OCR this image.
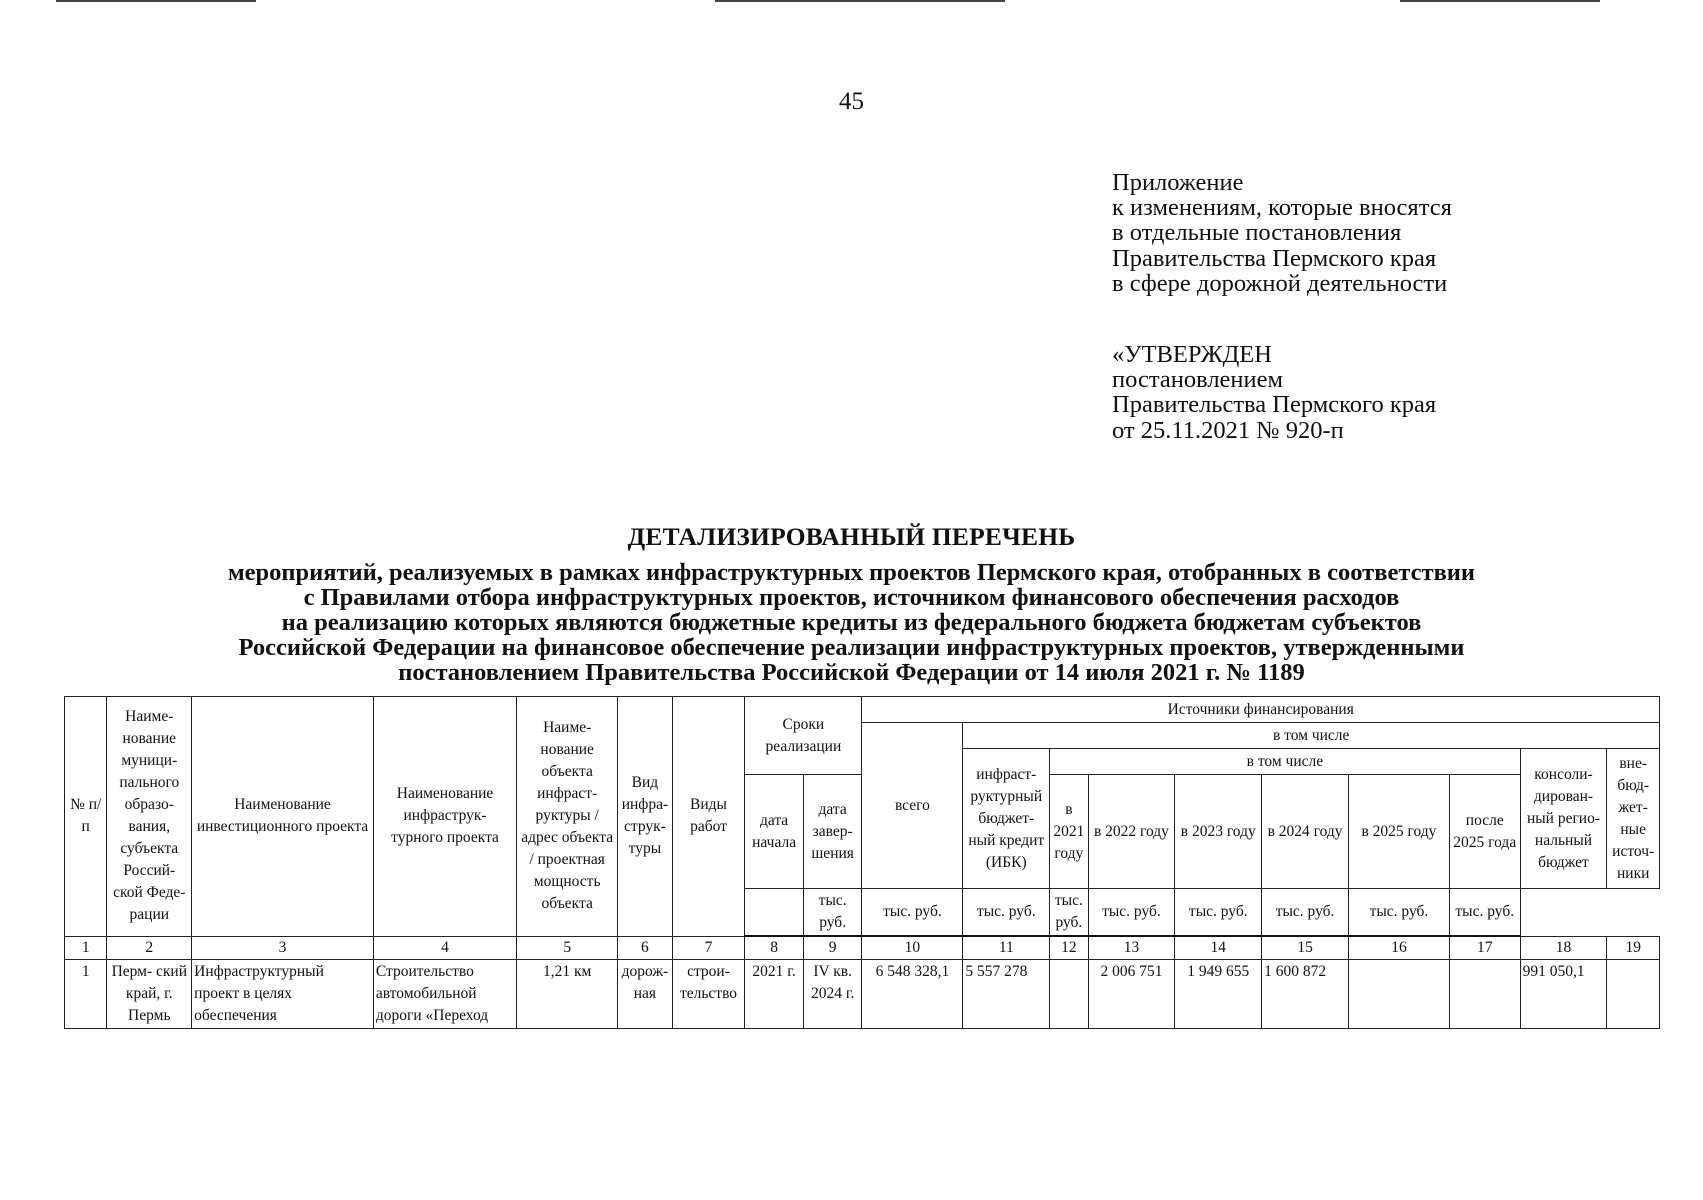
45
Приложение
к изменениям, которые вносятся
в отдельные постановления
Правительства Пермского края
в сфере дорожной деятельности
«УТВЕРЖДЕН
постановлением
Правительства Пермского края
от 25.11.2021 № 920-п
ДЕТАЛИЗИРОВАННЫЙ ПЕРЕЧЕНЬ
мероприятий, реализуемых в рамках инфраструктурных проектов Пермского края, отобранных в соответствии
с Правилами отбора инфраструктурных проектов, источником финансового обеспечения расходов
на реализацию которых являются бюджетные кредиты из федерального бюджета бюджетам субъектов
Российской Федерации на финансовое обеспечение реализации инфраструктурных проектов, утвержденными
постановлением Правительства Российской Федерации от 14 июля 2021 г. № 1189
№ п/п	Наиме- нование муници- пального образо- вания, субъекта Россий- ской Феде- рации	Наименование инвестиционного проекта	Наименование инфраструк- турного проекта	Наиме- нование объекта инфраст- руктуры / адрес объекта / проектная мощность объекта	Вид инфра- струк- туры	Виды работ	Сроки реализации		Источники финансирования									
									всего	в том числе								
										инфраст- руктурный бюджет- ный кредит (ИБК)	в том числе						консоли- дирован- ный регио- нальный бюджет	вне- бюд- жет- ные источ- ники
							дата начала	дата завер- шения			в 2021 году	в 2022 году	в 2023 году	в 2024 году	в 2025 году	после 2025 года		

								тыс. руб.	тыс. руб.	тыс. руб.	тыс. руб.	тыс. руб.	тыс. руб.	тыс. руб.	тыс. руб.	тыс. руб.		
1	2	3	4	5	6	7	8	9	10	11	12	13	14	15	16	17	18	19
1	Перм- ский край, г. Пермь	Инфраструктурный проект в целях обеспечения	Строительство автомобильной дороги «Переход	1,21 км	дорож- ная	строи- тельство	2021 г.	IV кв. 2024 г.	6 548 328,1	5 557 278		2 006 751	1 949 655	1 600 872			991 050,1	
